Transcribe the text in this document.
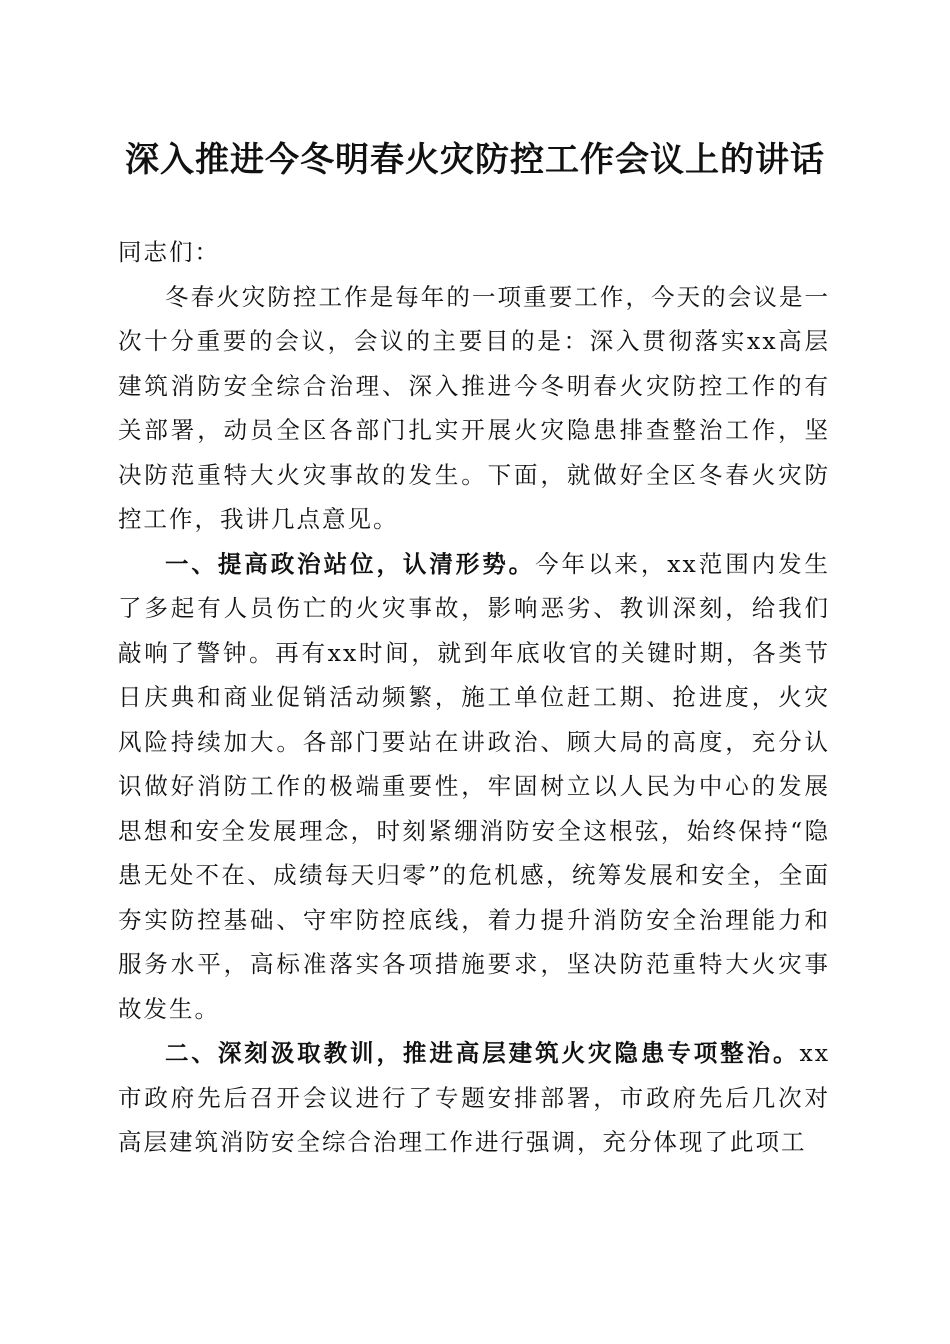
深入推进今冬明春火灾防控工作会议上的讲话

同志们：

冬春火灾防控工作是每年的一项重要工作，今天的会议是一次十分重要的会议，会议的主要目的是：深入贯彻落实xx高层建筑消防安全综合治理、深入推进今冬明春火灾防控工作的有关部署，动员全区各部门扎实开展火灾隐患排查整治工作，坚决防范重特大火灾事故的发生。下面，就做好全区冬春火灾防控工作，我讲几点意见。

一、提高政治站位，认清形势。今年以来，xx范围内发生了多起有人员伤亡的火灾事故，影响恶劣、教训深刻，给我们敲响了警钟。再有xx时间，就到年底收官的关键时期，各类节日庆典和商业促销活动频繁，施工单位赶工期、抢进度，火灾风险持续加大。各部门要站在讲政治、顾大局的高度，充分认识做好消防工作的极端重要性，牢固树立以人民为中心的发展思想和安全发展理念，时刻紧绷消防安全这根弦，始终保持“隐患无处不在、成绩每天归零”的危机感，统筹发展和安全，全面夯实防控基础、守牢防控底线，着力提升消防安全治理能力和服务水平，高标准落实各项措施要求，坚决防范重特大火灾事故发生。

二、深刻汲取教训，推进高层建筑火灾隐患专项整治。xx市政府先后召开会议进行了专题安排部署，市政府先后几次对高层建筑消防安全综合治理工作进行强调，充分体现了此项工
